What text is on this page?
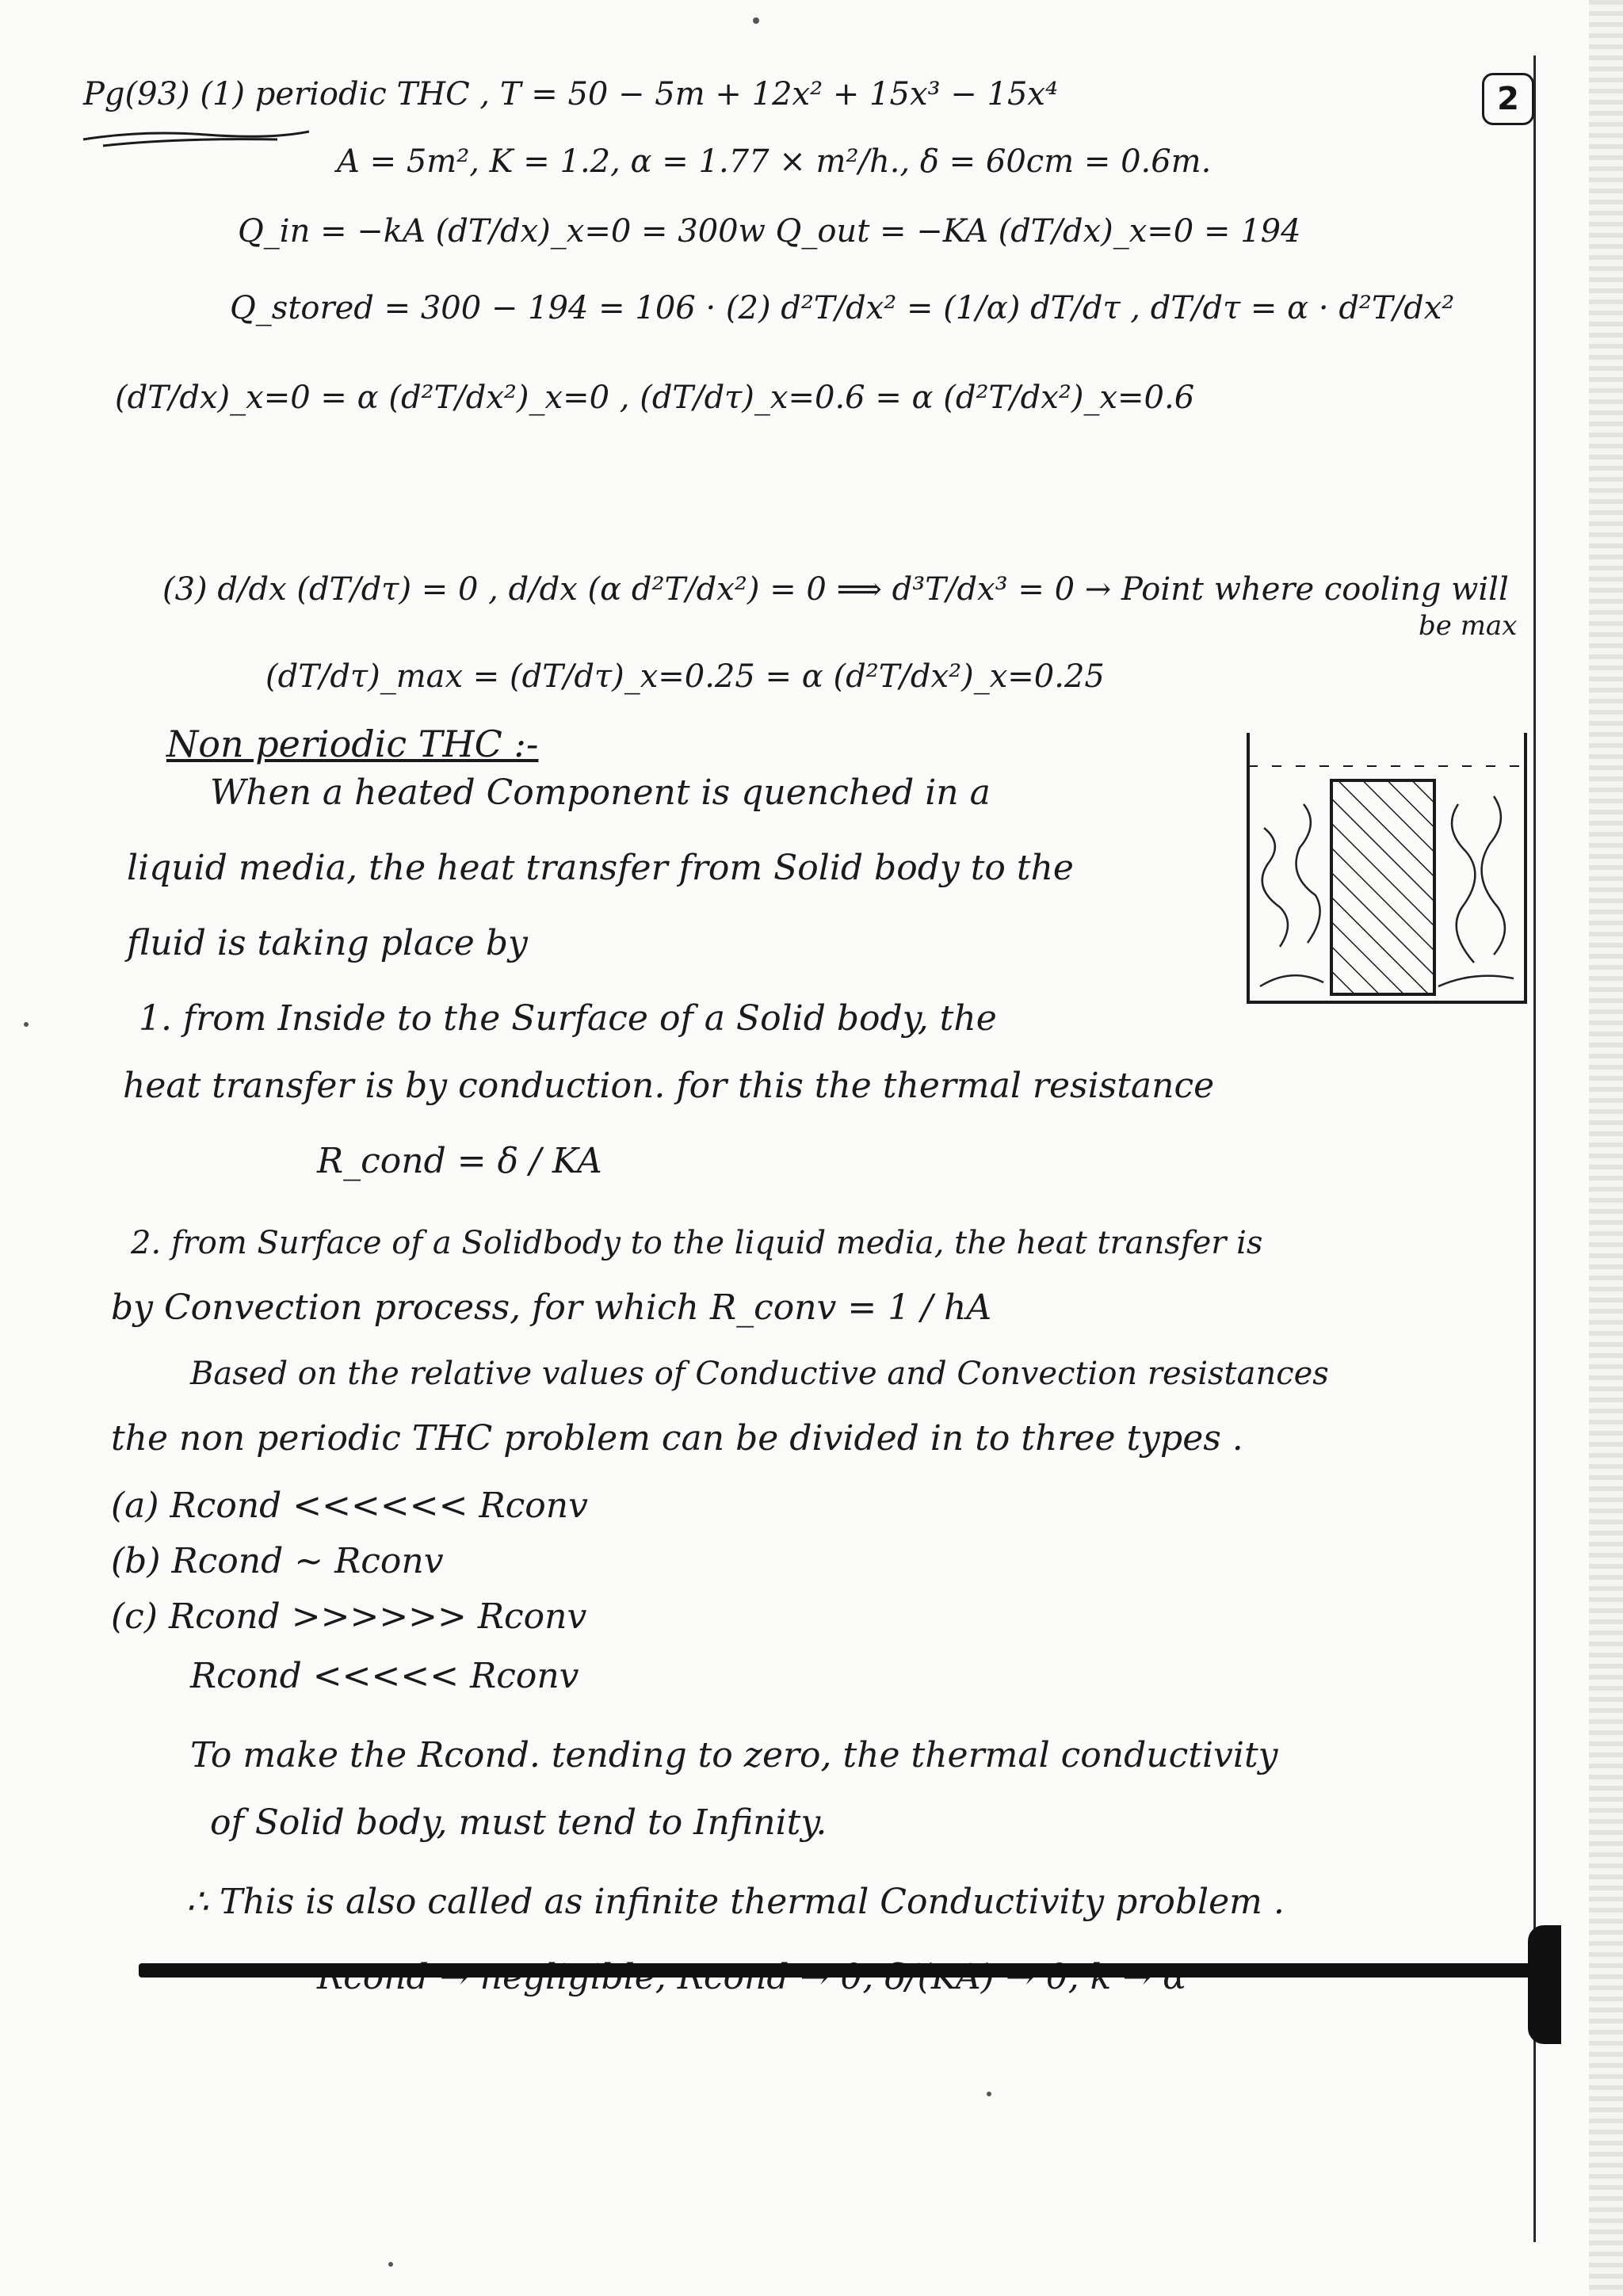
2
Pg(93) (1) periodic THC , T = 50 − 5m + 12x² + 15x³ − 15x⁴
A = 5m², K = 1.2, α = 1.77 × m²/h., δ = 60cm = 0.6m.
Q_in = −kA (dT/dx)_x=0 = 300w Q_out = −KA (dT/dx)_x=0 = 194
Q_stored = 300 − 194 = 106 · (2) d²T/dx² = (1/α) dT/dτ , dT/dτ = α · d²T/dx²
(dT/dx)_x=0 = α (d²T/dx²)_x=0 , (dT/dτ)_x=0.6 = α (d²T/dx²)_x=0.6
(3) d/dx (dT/dτ) = 0 , d/dx (α d²T/dx²) = 0 ⟹ d³T/dx³ = 0 → Point where cooling will
be max
(dT/dτ)_max = (dT/dτ)_x=0.25 = α (d²T/dx²)_x=0.25
Non periodic THC :-
When a heated Component is quenched in a
liquid media, the heat transfer from Solid body to the
fluid is taking place by
1. from Inside to the Surface of a Solid body, the
heat transfer is by conduction. for this the thermal resistance
R_cond = δ / KA
2. from Surface of a Solidbody to the liquid media, the heat transfer is
by Convection process, for which R_conv = 1 / hA
Based on the relative values of Conductive and Convection resistances
the non periodic THC problem can be divided in to three types .
(a) Rcond <<<<<< Rconv
(b) Rcond ~ Rconv
(c) Rcond >>>>>> Rconv
Rcond <<<<< Rconv
To make the Rcond. tending to zero, the thermal conductivity
of Solid body, must tend to Infinity.
∴ This is also called as infinite thermal Conductivity problem .
